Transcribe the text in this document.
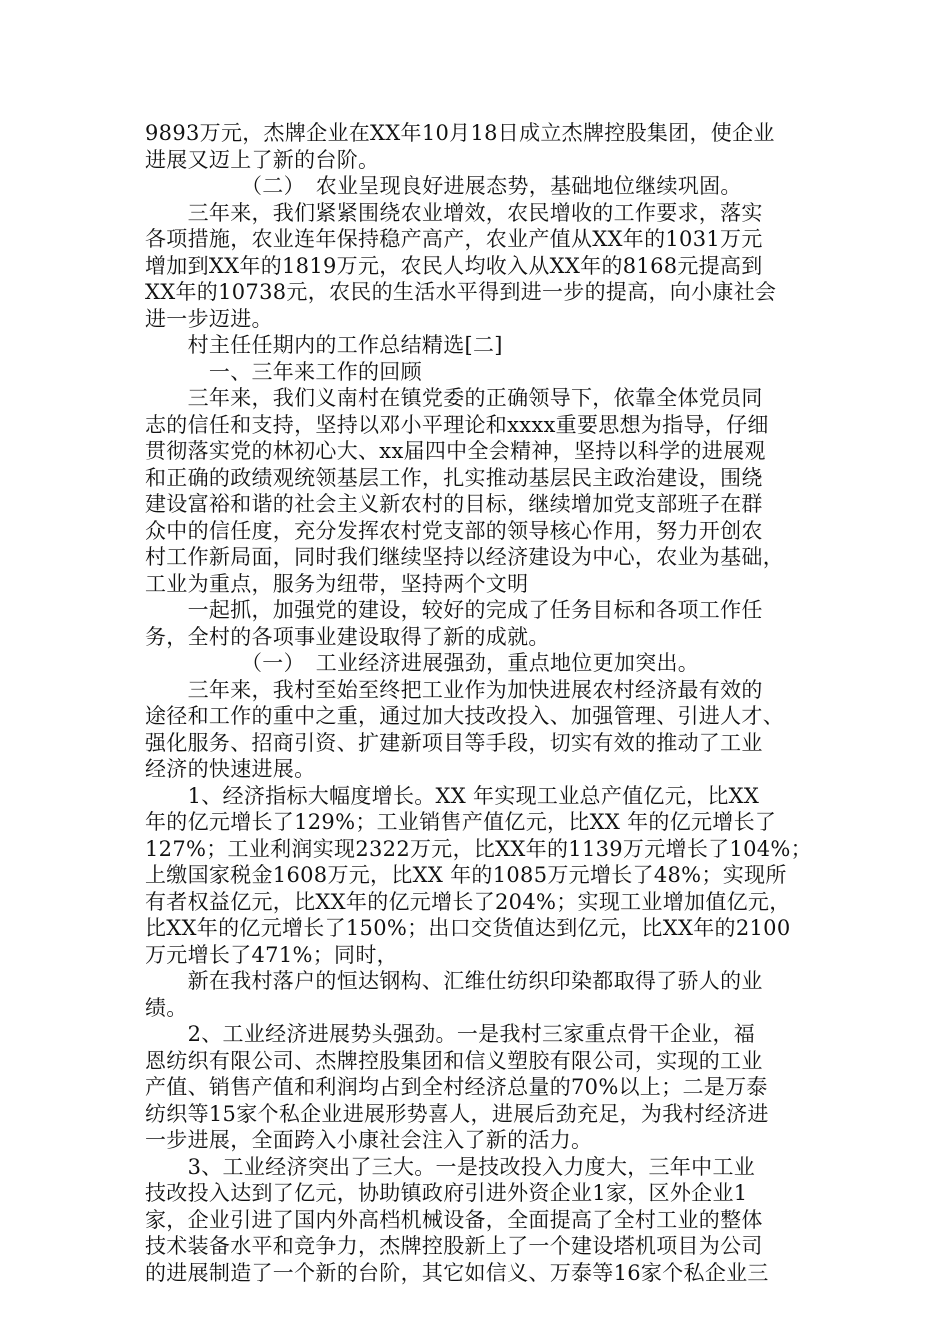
9893万元，杰牌企业在XX年10月18日成立杰牌控股集团，使企业
进展又迈上了新的台阶。
　　　　　（二）　农业呈现良好进展态势，基础地位继续巩固。
　　三年来，我们紧紧围绕农业增效，农民增收的工作要求，落实
各项措施，农业连年保持稳产高产，农业产值从XX年的1031万元
增加到XX年的1819万元，农民人均收入从XX年的8168元提高到
XX年的10738元，农民的生活水平得到进一步的提高，向小康社会
进一步迈进。
　　村主任任期内的工作总结精选[二]
　　　一、三年来工作的回顾
　　三年来，我们义南村在镇党委的正确领导下，依靠全体党员同
志的信任和支持，坚持以邓小平理论和xxxx重要思想为指导，仔细
贯彻落实党的林初心大、xx届四中全会精神，坚持以科学的进展观
和正确的政绩观统领基层工作，扎实推动基层民主政治建设，围绕
建设富裕和谐的社会主义新农村的目标，继续增加党支部班子在群
众中的信任度，充分发挥农村党支部的领导核心作用，努力开创农
村工作新局面，同时我们继续坚持以经济建设为中心，农业为基础，
工业为重点，服务为纽带，坚持两个文明
　　一起抓，加强党的建设，较好的完成了任务目标和各项工作任
务，全村的各项事业建设取得了新的成就。
　　　　　（一）　工业经济进展强劲，重点地位更加突出。
　　三年来，我村至始至终把工业作为加快进展农村经济最有效的
途径和工作的重中之重，通过加大技改投入、加强管理、引进人才、
强化服务、招商引资、扩建新项目等手段，切实有效的推动了工业
经济的快速进展。
　　1、经济指标大幅度增长。XX 年实现工业总产值亿元，比XX
年的亿元增长了129%；工业销售产值亿元，比XX 年的亿元增长了
127%；工业利润实现2322万元，比XX年的1139万元增长了104%；
上缴国家税金1608万元，比XX 年的1085万元增长了48%；实现所
有者权益亿元，比XX年的亿元增长了204%；实现工业增加值亿元，
比XX年的亿元增长了150%；出口交货值达到亿元，比XX年的2100
万元增长了471%；同时，
　　新在我村落户的恒达钢构、汇维仕纺织印染都取得了骄人的业
绩。
　　2、工业经济进展势头强劲。一是我村三家重点骨干企业，福
恩纺织有限公司、杰牌控股集团和信义塑胶有限公司，实现的工业
产值、销售产值和利润均占到全村经济总量的70%以上；二是万泰
纺织等15家个私企业进展形势喜人，进展后劲充足，为我村经济进
一步进展，全面跨入小康社会注入了新的活力。
　　3、工业经济突出了三大。一是技改投入力度大，三年中工业
技改投入达到了亿元，协助镇政府引进外资企业1家，区外企业1
家，企业引进了国内外高档机械设备，全面提高了全村工业的整体
技术装备水平和竞争力，杰牌控股新上了一个建设塔机项目为公司
的进展制造了一个新的台阶，其它如信义、万泰等16家个私企业三
